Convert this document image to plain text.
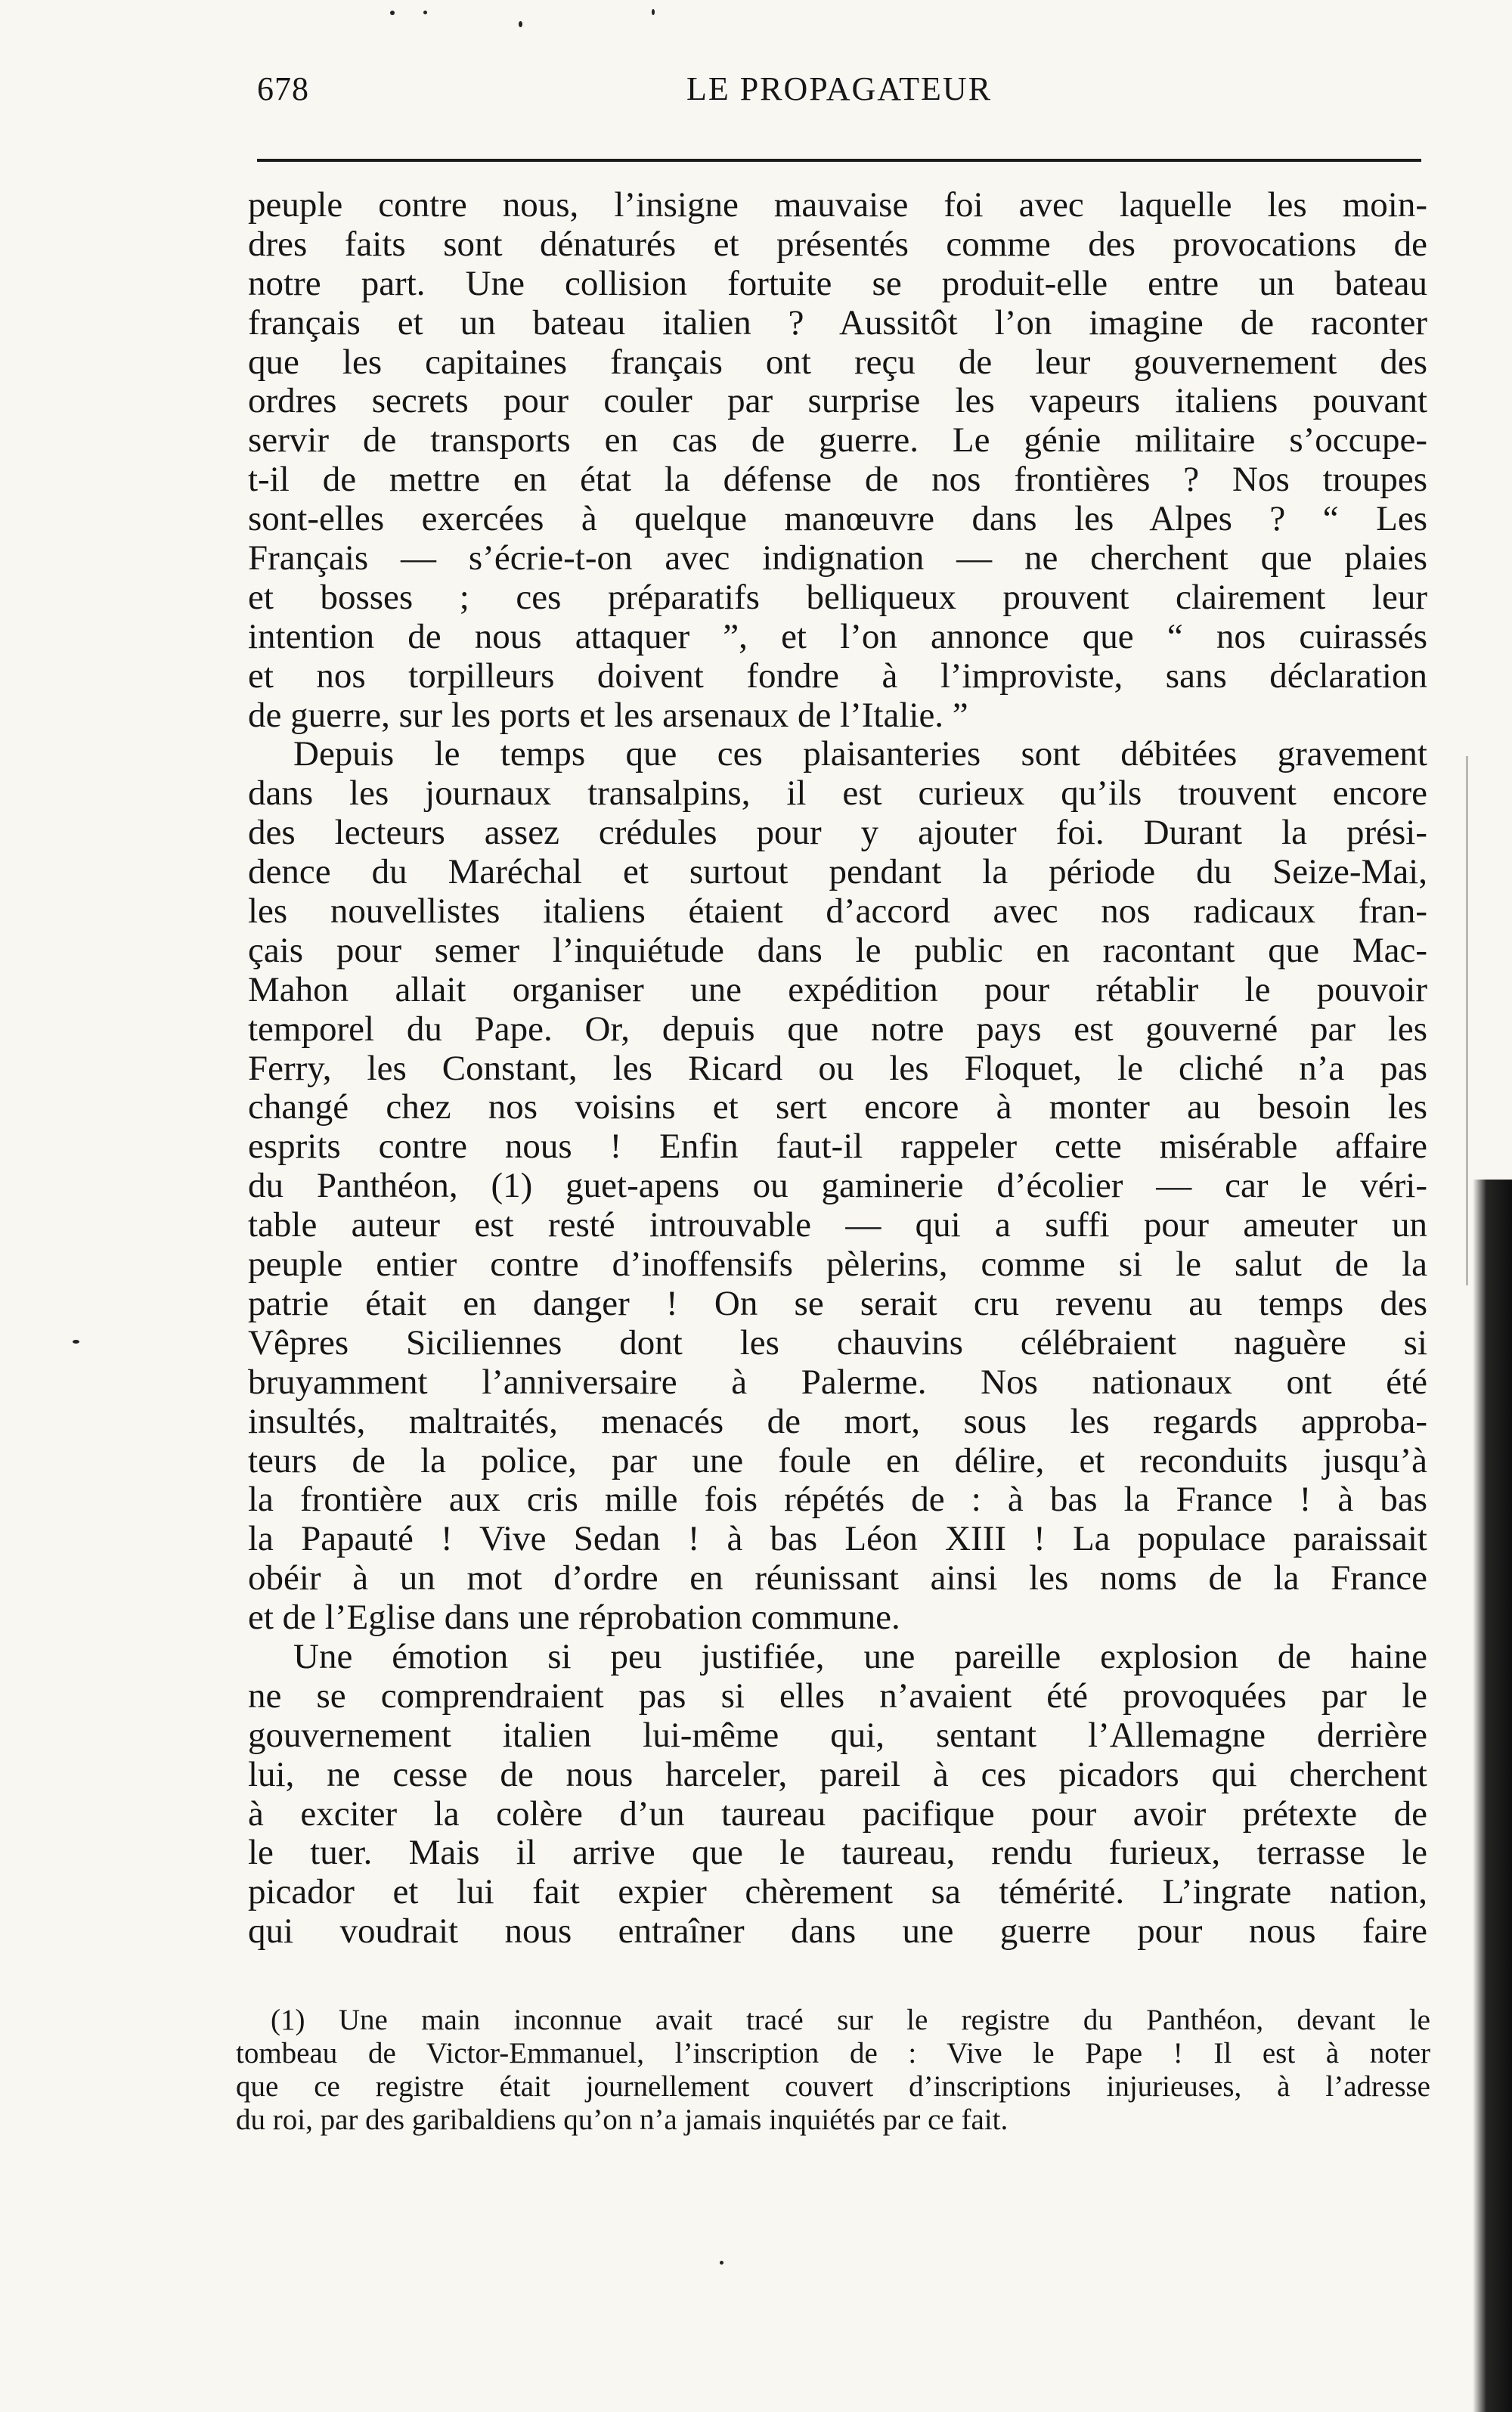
678	LE PROPAGATEUR
peuple contre nous, l’insigne mauvaise foi avec laquelle les moin-
dres faits sont dénaturés et présentés comme des provocations de
notre part. Une collision fortuite se produit-elle entre un bateau
français et un bateau italien ? Aussitôt l’on imagine de raconter
que les capitaines français ont reçu de leur gouvernement des
ordres secrets pour couler par surprise les vapeurs italiens pouvant
servir de transports en cas de guerre. Le génie militaire s’occupe-
t-il de mettre en état la défense de nos frontières ? Nos troupes
sont-elles exercées à quelque manœuvre dans les Alpes ? “ Les
Français — s’écrie-t-on avec indignation — ne cherchent que plaies
et bosses ; ces préparatifs belliqueux prouvent clairement leur
intention de nous attaquer ”, et l’on annonce que “ nos cuirassés
et nos torpilleurs doivent fondre à l’improviste, sans déclaration
de guerre, sur les ports et les arsenaux de l’Italie. ”
Depuis le temps que ces plaisanteries sont débitées gravement
dans les journaux transalpins, il est curieux qu’ils trouvent encore
des lecteurs assez crédules pour y ajouter foi. Durant la prési-
dence du Maréchal et surtout pendant la période du Seize-Mai,
les nouvellistes italiens étaient d’accord avec nos radicaux fran-
çais pour semer l’inquiétude dans le public en racontant que Mac-
Mahon allait organiser une expédition pour rétablir le pouvoir
temporel du Pape. Or, depuis que notre pays est gouverné par les
Ferry, les Constant, les Ricard ou les Floquet, le cliché n’a pas
changé chez nos voisins et sert encore à monter au besoin les
esprits contre nous ! Enfin faut-il rappeler cette misérable affaire
du Panthéon, (1) guet-apens ou gaminerie d’écolier — car le véri-
table auteur est resté introuvable — qui a suffi pour ameuter un
peuple entier contre d’inoffensifs pèlerins, comme si le salut de la
patrie était en danger ! On se serait cru revenu au temps des
Vêpres Siciliennes dont les chauvins célébraient naguère si
bruyamment l’anniversaire à Palerme. Nos nationaux ont été
insultés, maltraités, menacés de mort, sous les regards approba-
teurs de la police, par une foule en délire, et reconduits jusqu’à
la frontière aux cris mille fois répétés de : à bas la France ! à bas
la Papauté ! Vive Sedan ! à bas Léon XIII ! La populace paraissait
obéir à un mot d’ordre en réunissant ainsi les noms de la France
et de l’Eglise dans une réprobation commune.
Une émotion si peu justifiée, une pareille explosion de haine
ne se comprendraient pas si elles n’avaient été provoquées par le
gouvernement italien lui-même qui, sentant l’Allemagne derrière
lui, ne cesse de nous harceler, pareil à ces picadors qui cherchent
à exciter la colère d’un taureau pacifique pour avoir prétexte de
le tuer. Mais il arrive que le taureau, rendu furieux, terrasse le
picador et lui fait expier chèrement sa témérité. L’ingrate nation,
qui voudrait nous entraîner dans une guerre pour nous faire
(1) Une main inconnue avait tracé sur le registre du Panthéon, devant le
tombeau de Victor-Emmanuel, l’inscription de : Vive le Pape ! Il est à noter
que ce registre était journellement couvert d’inscriptions injurieuses, à l’adresse
du roi, par des garibaldiens qu’on n’a jamais inquiétés par ce fait.
